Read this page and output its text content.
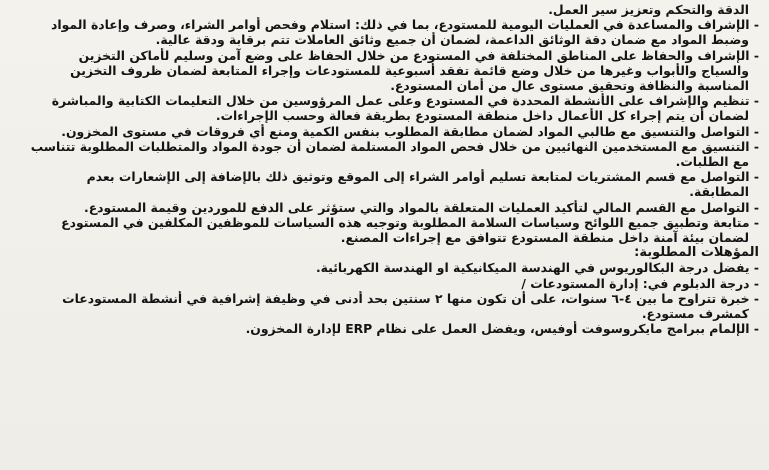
الدقة والتحكم وتعزيز سير العمل.
- الإشراف والمساعدة في العمليات اليومية للمستودع، بما في ذلك: استلام وفحص أوامر الشراء، وصرف وإعادة المواد
وضبط المواد مع ضمان دقة الوثائق الداعمة، لضمان أن جميع وثائق العاملات تتم برقابة ودقة عالية.
- الإشراف والحفاظ على المناطق المختلفة في المستودع من خلال الحفاظ على وضع آمن وسليم لأماكن التخزين
والسياج والأبواب وغيرها من خلال وضع قائمة تفقد أسبوعية للمستودعات وإجراء المتابعة لضمان ظروف التخزين
المناسبة والنظافة وتحقيق مستوى عالٍ من أمان المستودع.
- تنظيم والإشراف على الأنشطة المحددة في المستودع وعلى عمل المرؤوسين من خلال التعليمات الكتابية والمباشرة
لضمان أن يتم إجراء كل الأعمال داخل منطقة المستودع بطريقة فعالة وحسب الإجراءات.
- التواصل والتنسيق مع طالبي المواد لضمان مطابقة المطلوب بنفس الكمية ومنع أي فروقات في مستوى المخزون.
- التنسيق مع المستخدمين النهائيين من خلال فحص المواد المستلمة لضمان أن جودة المواد والمتطلبات المطلوبة تتناسب
مع الطلبات.
- التواصل مع قسم المشتريات لمتابعة تسليم أوامر الشراء إلى الموقع وتوثيق ذلك بالإضافة إلى الإشعارات بعدم
المطابقة.
- التواصل مع القسم المالي لتأكيد العمليات المتعلقة بالمواد والتي ستؤثر على الدفع للموردين وقيمة المستودع.
- متابعة وتطبيق جميع اللوائح وسياسات السلامة المطلوبة وتوجيه هذه السياسات للموظفين المكلفين في المستودع
لضمان بيئة آمنة داخل منطقة المستودع تتوافق مع إجراءات المصنع.
المؤهلات المطلوبة:
- يفضل درجة البكالوريوس في الهندسة الميكانيكية او الهندسة الكهربائية.
- درجة الدبلوم في: إدارة المستودعات /
- خبرة تتراوح ما بين ٤-٦ سنوات، على أن تكون منها ٢ سنتين بحد أدنى في وظيفة إشرافية في أنشطة المستودعات
كمشرف مستودع.
- الإلمام ببرامج مايكروسوفت أوفيس، ويفضل العمل على نظام ERP لإدارة المخزون.
